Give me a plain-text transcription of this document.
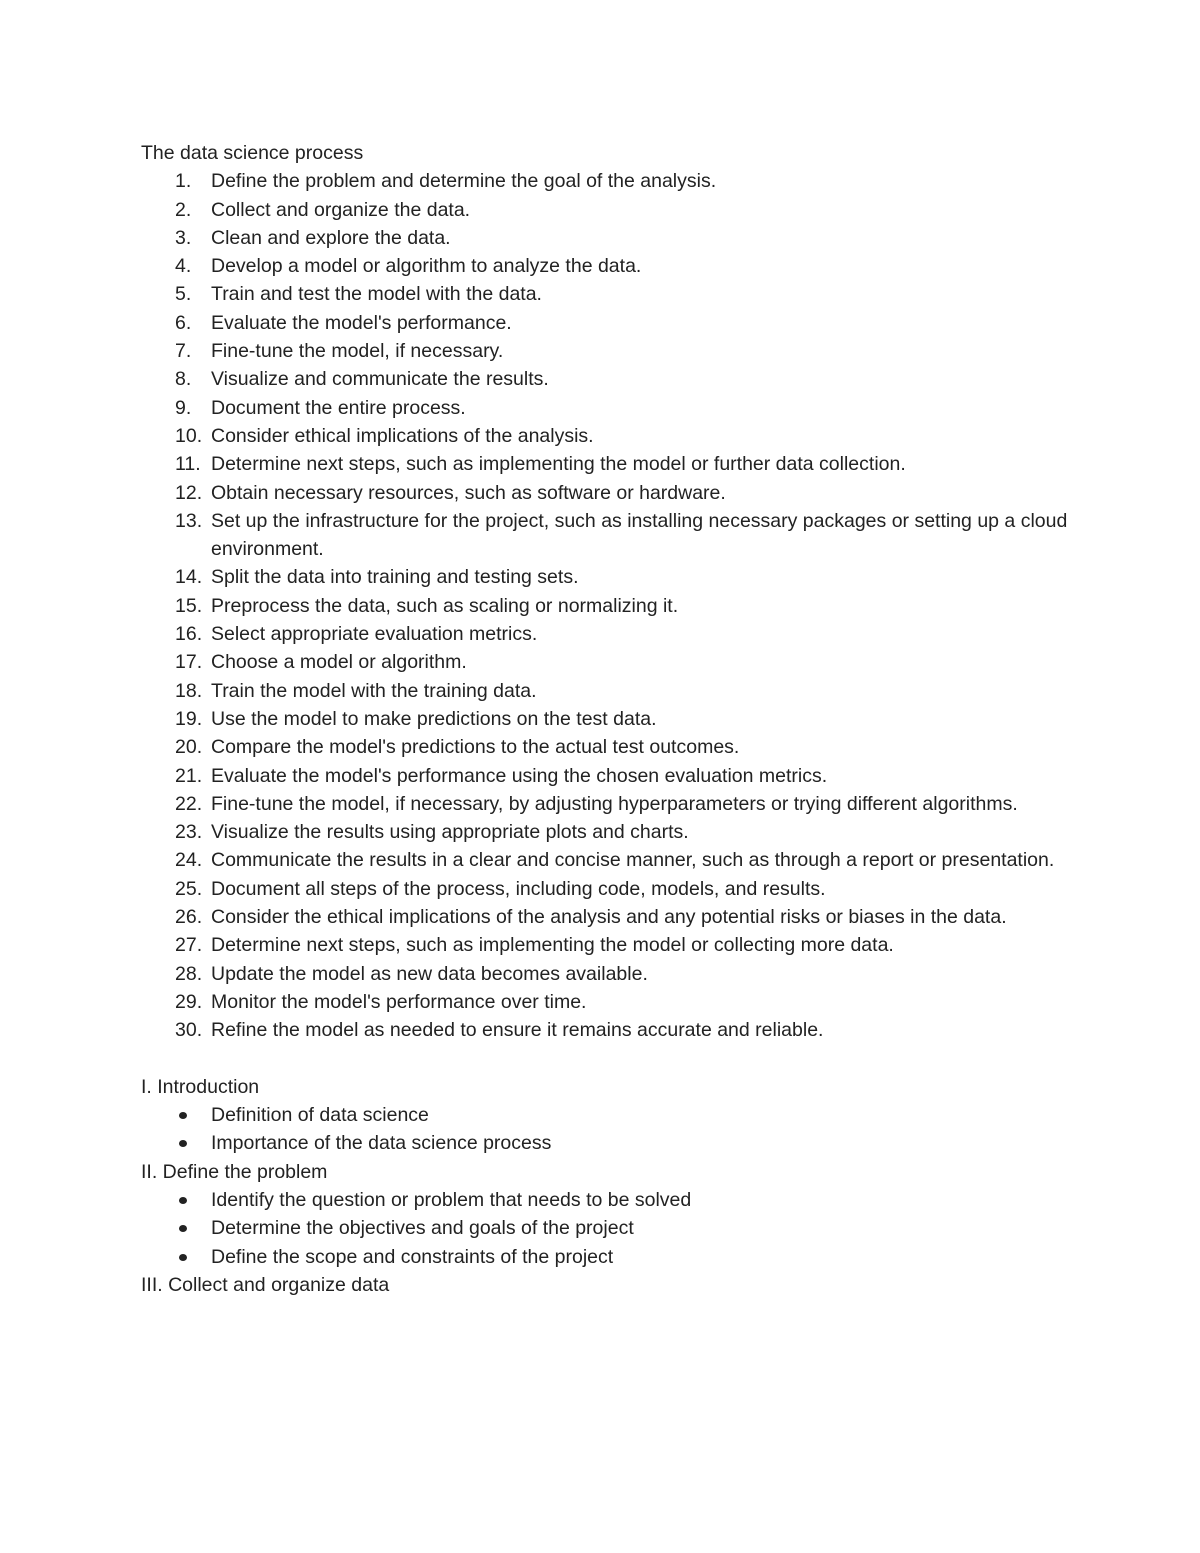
The data science process
1. Define the problem and determine the goal of the analysis.
2. Collect and organize the data.
3. Clean and explore the data.
4. Develop a model or algorithm to analyze the data.
5. Train and test the model with the data.
6. Evaluate the model's performance.
7. Fine-tune the model, if necessary.
8. Visualize and communicate the results.
9. Document the entire process.
10. Consider ethical implications of the analysis.
11. Determine next steps, such as implementing the model or further data collection.
12. Obtain necessary resources, such as software or hardware.
13. Set up the infrastructure for the project, such as installing necessary packages or setting up a cloud environment.
14. Split the data into training and testing sets.
15. Preprocess the data, such as scaling or normalizing it.
16. Select appropriate evaluation metrics.
17. Choose a model or algorithm.
18. Train the model with the training data.
19. Use the model to make predictions on the test data.
20. Compare the model's predictions to the actual test outcomes.
21. Evaluate the model's performance using the chosen evaluation metrics.
22. Fine-tune the model, if necessary, by adjusting hyperparameters or trying different algorithms.
23. Visualize the results using appropriate plots and charts.
24. Communicate the results in a clear and concise manner, such as through a report or presentation.
25. Document all steps of the process, including code, models, and results.
26. Consider the ethical implications of the analysis and any potential risks or biases in the data.
27. Determine next steps, such as implementing the model or collecting more data.
28. Update the model as new data becomes available.
29. Monitor the model's performance over time.
30. Refine the model as needed to ensure it remains accurate and reliable.
I. Introduction
Definition of data science
Importance of the data science process
II. Define the problem
Identify the question or problem that needs to be solved
Determine the objectives and goals of the project
Define the scope and constraints of the project
III. Collect and organize data
